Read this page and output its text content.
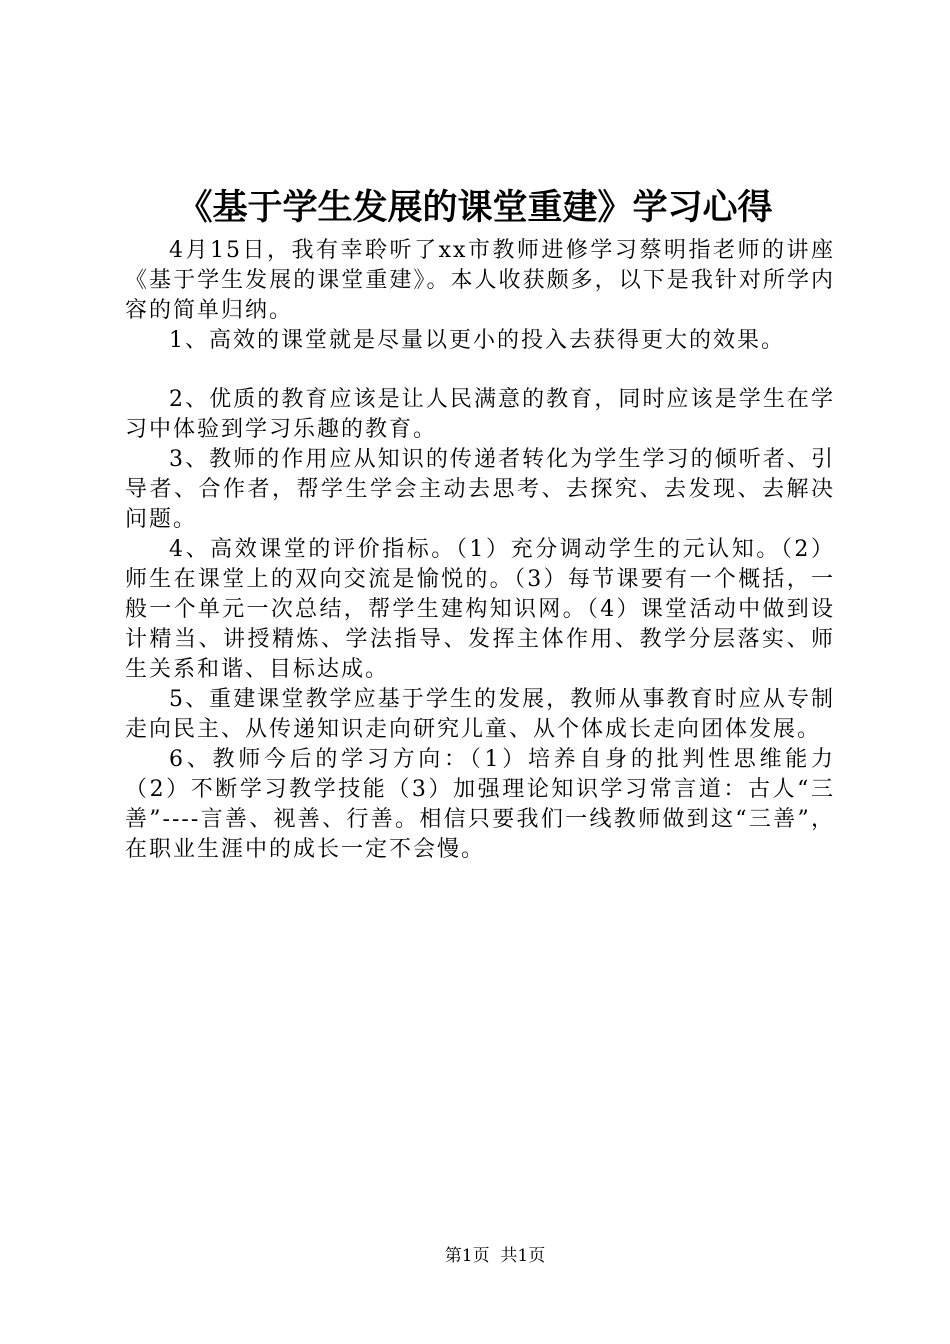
《基于学生发展的课堂重建》学习心得

4月15日，我有幸聆听了xx市教师进修学习蔡明指老师的讲座《基于学生发展的课堂重建》。本人收获颇多，以下是我针对所学内容的简单归纳。

1、高效的课堂就是尽量以更小的投入去获得更大的效果。

2、优质的教育应该是让人民满意的教育，同时应该是学生在学习中体验到学习乐趣的教育。

3、教师的作用应从知识的传递者转化为学生学习的倾听者、引导者、合作者，帮学生学会主动去思考、去探究、去发现、去解决问题。

4、高效课堂的评价指标。（1）充分调动学生的元认知。（2）师生在课堂上的双向交流是愉悦的。（3）每节课要有一个概括，一般一个单元一次总结，帮学生建构知识网。（4）课堂活动中做到设计精当、讲授精炼、学法指导、发挥主体作用、教学分层落实、师生关系和谐、目标达成。

5、重建课堂教学应基于学生的发展，教师从事教育时应从专制走向民主、从传递知识走向研究儿童、从个体成长走向团体发展。

6、教师今后的学习方向：（1）培养自身的批判性思维能力（2）不断学习教学技能（3）加强理论知识学习常言道：古人“三善”----言善、视善、行善。相信只要我们一线教师做到这“三善”，在职业生涯中的成长一定不会慢。

第1页  共1页
